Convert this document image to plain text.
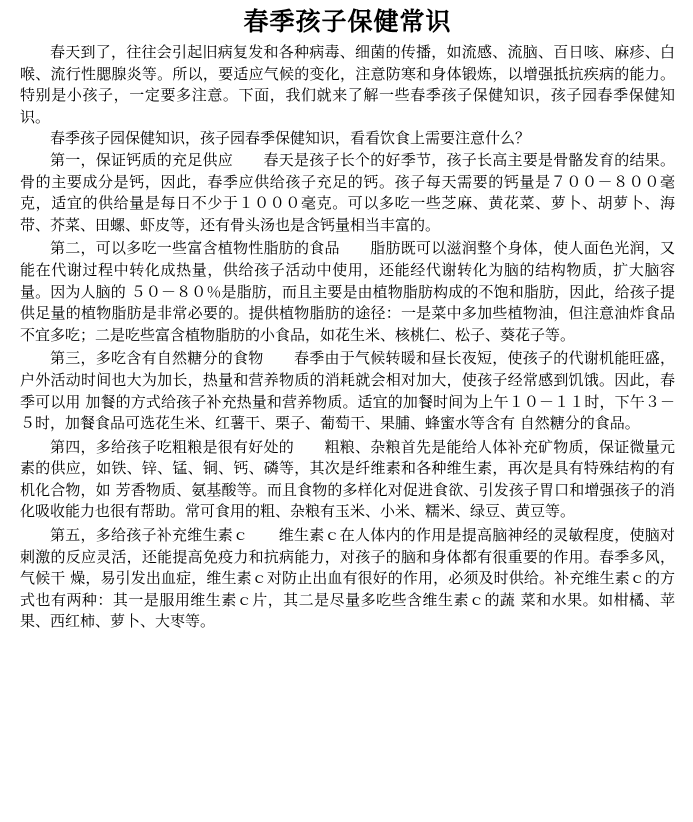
春季孩子保健常识

春天到了，往往会引起旧病复发和各种病毒、细菌的传播，如流感、流脑、百日咳、麻疹、白喉、流行性腮腺炎等。所以，要适应气候的变化，注意防寒和身体锻炼，以增强抵抗疾病的能力。特别是小孩子，一定要多注意。下面，我们就来了解一些春季孩子保健知识，孩子园春季保健知识。

春季孩子园保健知识，孩子园春季保健知识，看看饮食上需要注意什么？

第一，保证钙质的充足供应　　春天是孩子长个的好季节，孩子长高主要是骨骼发育的结果。骨的主要成分是钙，因此，春季应供给孩子充足的钙。孩子每天需要的钙量是７００－８００毫克，适宜的供给量是每日不少于１０００毫克。可以多吃一些芝麻、黄花菜、萝卜、胡萝卜、海带、芥菜、田螺、虾皮等，还有骨头汤也是含钙量相当丰富的。

第二，可以多吃一些富含植物性脂肪的食品　　脂肪既可以滋润整个身体，使人面色光润，又能在代谢过程中转化成热量，供给孩子活动中使用，还能经代谢转化为脑的结构物质，扩大脑容量。因为人脑的 ５０－８０％是脂肪，而且主要是由植物脂肪构成的不饱和脂肪，因此，给孩子提供足量的植物脂肪是非常必要的。提供植物脂肪的途径：一是菜中多加些植物油，但注意油炸食品不宜多吃；二是吃些富含植物脂肪的小食品，如花生米、核桃仁、松子、葵花子等。

第三，多吃含有自然糖分的食物　　春季由于气候转暖和昼长夜短，使孩子的代谢机能旺盛，户外活动时间也大为加长，热量和营养物质的消耗就会相对加大，使孩子经常感到饥饿。因此，春季可以用 加餐的方式给孩子补充热量和营养物质。适宜的加餐时间为上午１０－１１时，下午３－５时，加餐食品可选花生米、红薯干、栗子、葡萄干、果脯、蜂蜜水等含有 自然糖分的食品。

第四，多给孩子吃粗粮是很有好处的　　粗粮、杂粮首先是能给人体补充矿物质，保证微量元素的供应，如铁、锌、锰、铜、钙、磷等，其次是纤维素和各种维生素，再次是具有特殊结构的有机化合物，如 芳香物质、氨基酸等。而且食物的多样化对促进食欲、引发孩子胃口和增强孩子的消化吸收能力也很有帮助。常可食用的粗、杂粮有玉米、小米、糯米、绿豆、黄豆等。

第五，多给孩子补充维生素ｃ　　维生素ｃ在人体内的作用是提高脑神经的灵敏程度，使脑对刺激的反应灵活，还能提高免疫力和抗病能力，对孩子的脑和身体都有很重要的作用。春季多风，气候干 燥，易引发出血症，维生素ｃ对防止出血有很好的作用，必须及时供给。补充维生素ｃ的方式也有两种：其一是服用维生素ｃ片，其二是尽量多吃些含维生素ｃ的蔬 菜和水果。如柑橘、苹果、西红柿、萝卜、大枣等。
